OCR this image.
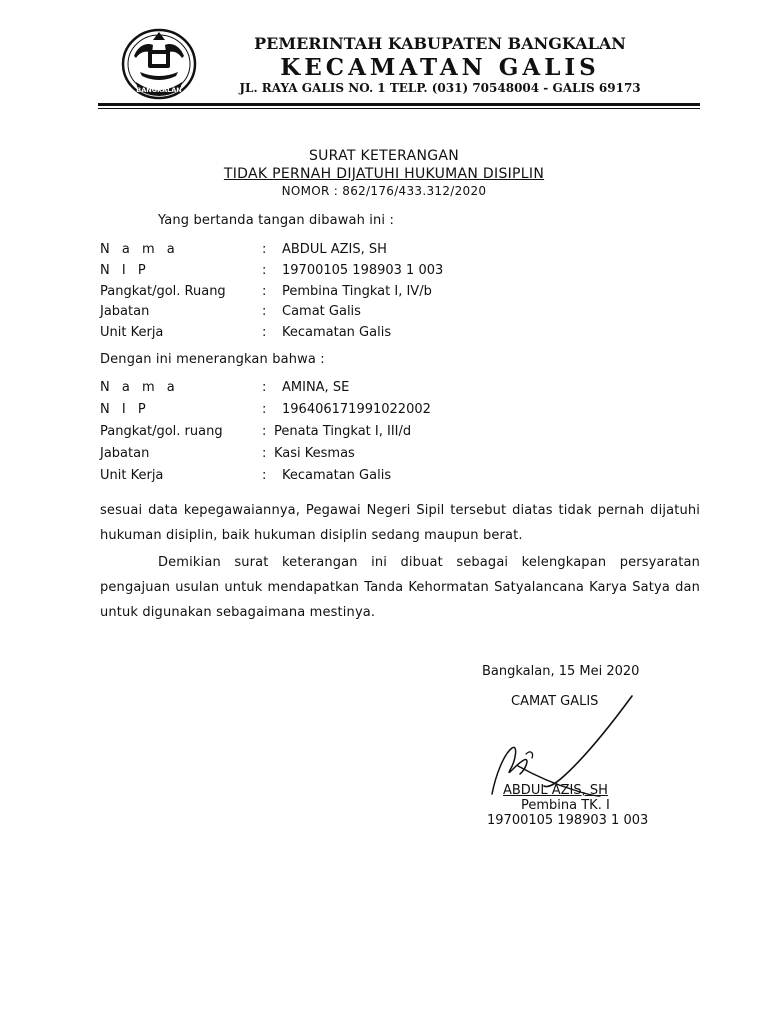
BANGKALAN
PEMERINTAH KABUPATEN BANGKALAN
KECAMATAN GALIS
JL. RAYA GALIS NO. 1 TELP. (031) 70548004 - GALIS 69173
SURAT KETERANGAN
TIDAK PERNAH DIJATUHI HUKUMAN DISIPLIN
NOMOR : 862/176/433.312/2020
Yang bertanda tangan dibawah ini :
N a m a	: ABDUL AZIS, SH
N I P	: 19700105 198903 1 003
Pangkat/gol. Ruang	: Pembina Tingkat I, IV/b
Jabatan	: Camat Galis
Unit Kerja	: Kecamatan Galis
Dengan ini menerangkan bahwa :
N a m a	: AMINA, SE
N I P	: 196406171991022002
Pangkat/gol. ruang	: Penata Tingkat I, III/d
Jabatan	: Kasi Kesmas
Unit Kerja	: Kecamatan Galis
sesuai data kepegawaiannya, Pegawai Negeri Sipil tersebut diatas tidak pernah dijatuhi hukuman disiplin, baik hukuman disiplin sedang maupun berat.
Demikian surat keterangan ini dibuat sebagai kelengkapan persyaratan pengajuan usulan untuk mendapatkan Tanda Kehormatan Satyalancana Karya Satya dan untuk digunakan sebagaimana mestinya.
Bangkalan, 15 Mei 2020
CAMAT GALIS
ABDUL AZIS, SH
Pembina TK. I
19700105 198903 1 003
